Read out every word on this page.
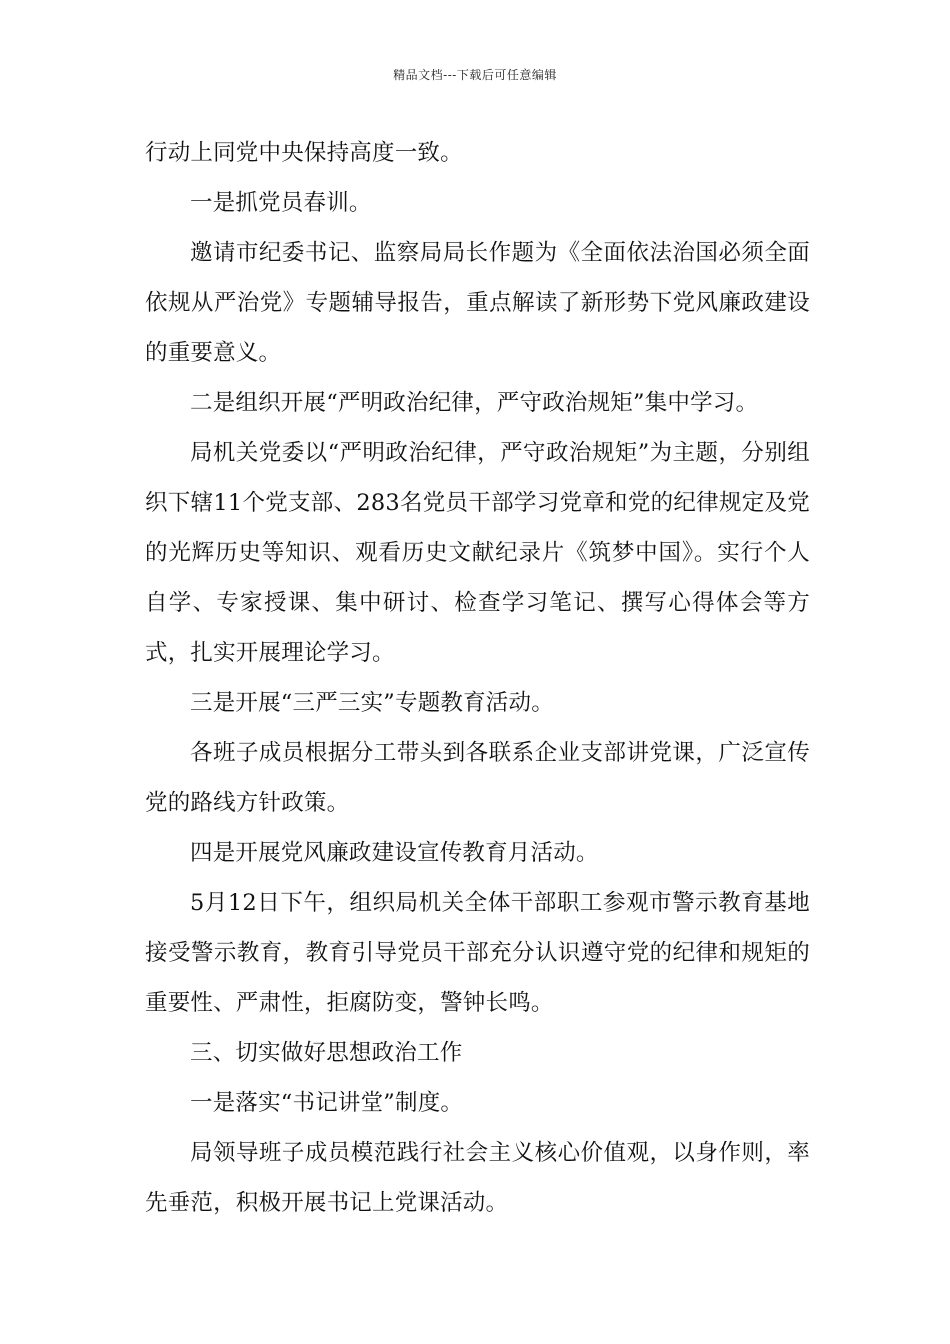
精品文档---下载后可任意编辑

行动上同党中央保持高度一致。

一是抓党员春训。

邀请市纪委书记、监察局局长作题为《全面依法治国必须全面依规从严治党》专题辅导报告，重点解读了新形势下党风廉政建设的重要意义。

二是组织开展“严明政治纪律，严守政治规矩”集中学习。

局机关党委以“严明政治纪律，严守政治规矩”为主题，分别组织下辖11个党支部、283名党员干部学习党章和党的纪律规定及党的光辉历史等知识、观看历史文献纪录片《筑梦中国》。实行个人自学、专家授课、集中研讨、检查学习笔记、撰写心得体会等方式，扎实开展理论学习。

三是开展“三严三实”专题教育活动。

各班子成员根据分工带头到各联系企业支部讲党课，广泛宣传党的路线方针政策。

四是开展党风廉政建设宣传教育月活动。

5月12日下午，组织局机关全体干部职工参观市警示教育基地接受警示教育，教育引导党员干部充分认识遵守党的纪律和规矩的重要性、严肃性，拒腐防变，警钟长鸣。

三、切实做好思想政治工作

一是落实“书记讲堂”制度。

局领导班子成员模范践行社会主义核心价值观，以身作则，率先垂范，积极开展书记上党课活动。
